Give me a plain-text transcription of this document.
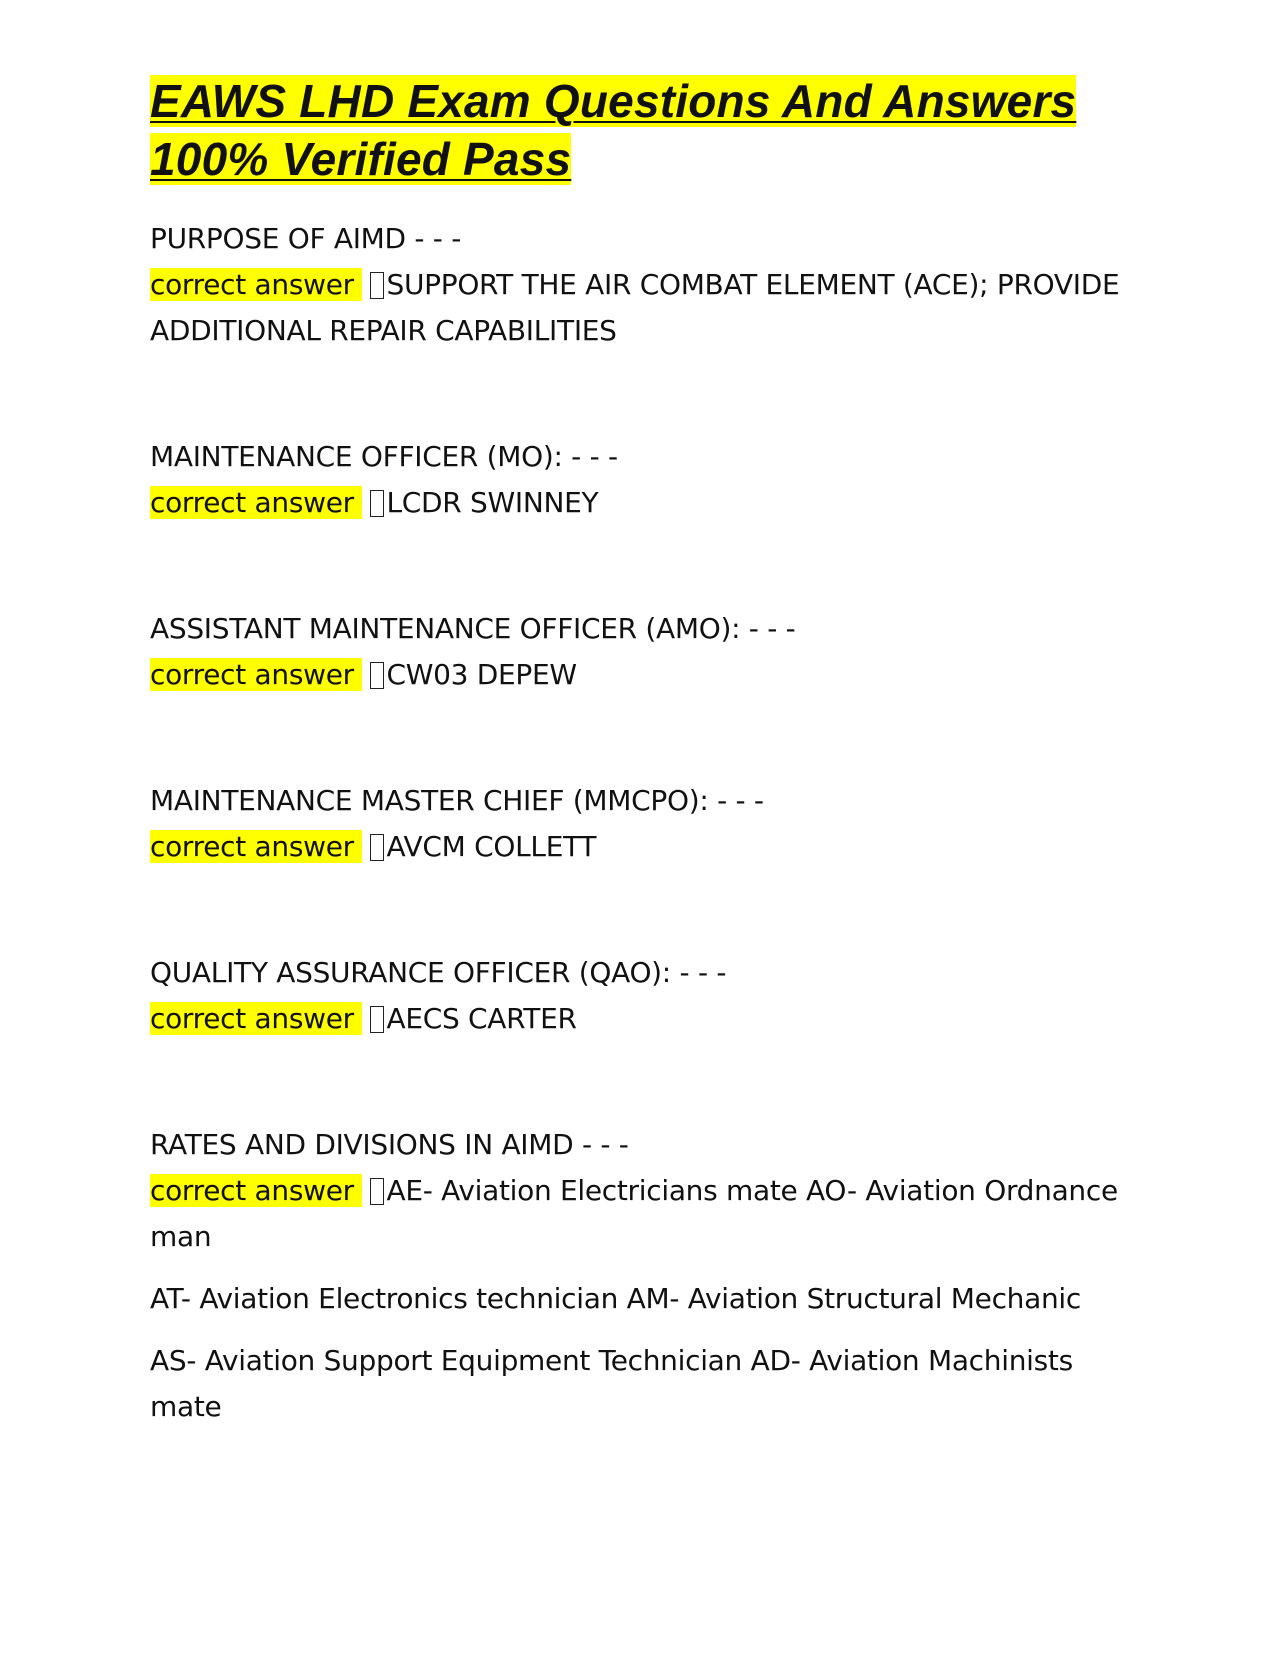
EAWS LHD Exam Questions And Answers 100% Verified Pass
PURPOSE OF AIMD - - -
correct answer SUPPORT THE AIR COMBAT ELEMENT (ACE); PROVIDE ADDITIONAL REPAIR CAPABILITIES
MAINTENANCE OFFICER (MO): - - -
correct answer LCDR SWINNEY
ASSISTANT MAINTENANCE OFFICER (AMO): - - -
correct answer CW03 DEPEW
MAINTENANCE MASTER CHIEF (MMCPO): - - -
correct answer AVCM COLLETT
QUALITY ASSURANCE OFFICER (QAO): - - -
correct answer AECS CARTER
RATES AND DIVISIONS IN AIMD - - -
correct answer AE- Aviation Electricians mate AO- Aviation Ordnance man
AT- Aviation Electronics technician AM- Aviation Structural Mechanic
AS- Aviation Support Equipment Technician AD- Aviation Machinists mate
